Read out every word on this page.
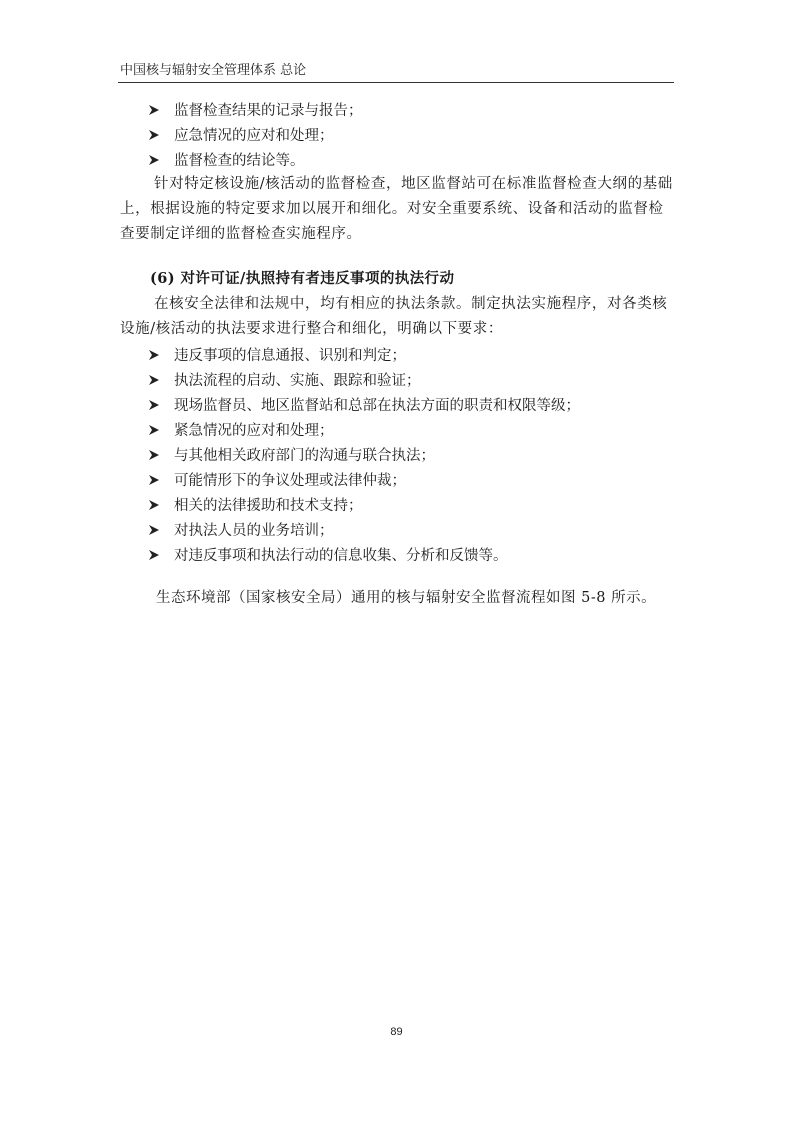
中国核与辐射安全管理体系 总论
监督检查结果的记录与报告；
应急情况的应对和处理；
监督检查的结论等。

针对特定核设施/核活动的监督检查，地区监督站可在标准监督检查大纲的基础上，根据设施的特定要求加以展开和细化。对安全重要系统、设备和活动的监督检查要制定详细的监督检查实施程序。

(6) 对许可证/执照持有者违反事项的执法行动

在核安全法律和法规中，均有相应的执法条款。制定执法实施程序，对各类核设施/核活动的执法要求进行整合和细化，明确以下要求：

违反事项的信息通报、识别和判定；
执法流程的启动、实施、跟踪和验证；
现场监督员、地区监督站和总部在执法方面的职责和权限等级；
紧急情况的应对和处理；
与其他相关政府部门的沟通与联合执法；
可能情形下的争议处理或法律仲裁；
相关的法律援助和技术支持；
对执法人员的业务培训；
对违反事项和执法行动的信息收集、分析和反馈等。
生态环境部（国家核安全局）通用的核与辐射安全监督流程如图 5-8 所示。
89
